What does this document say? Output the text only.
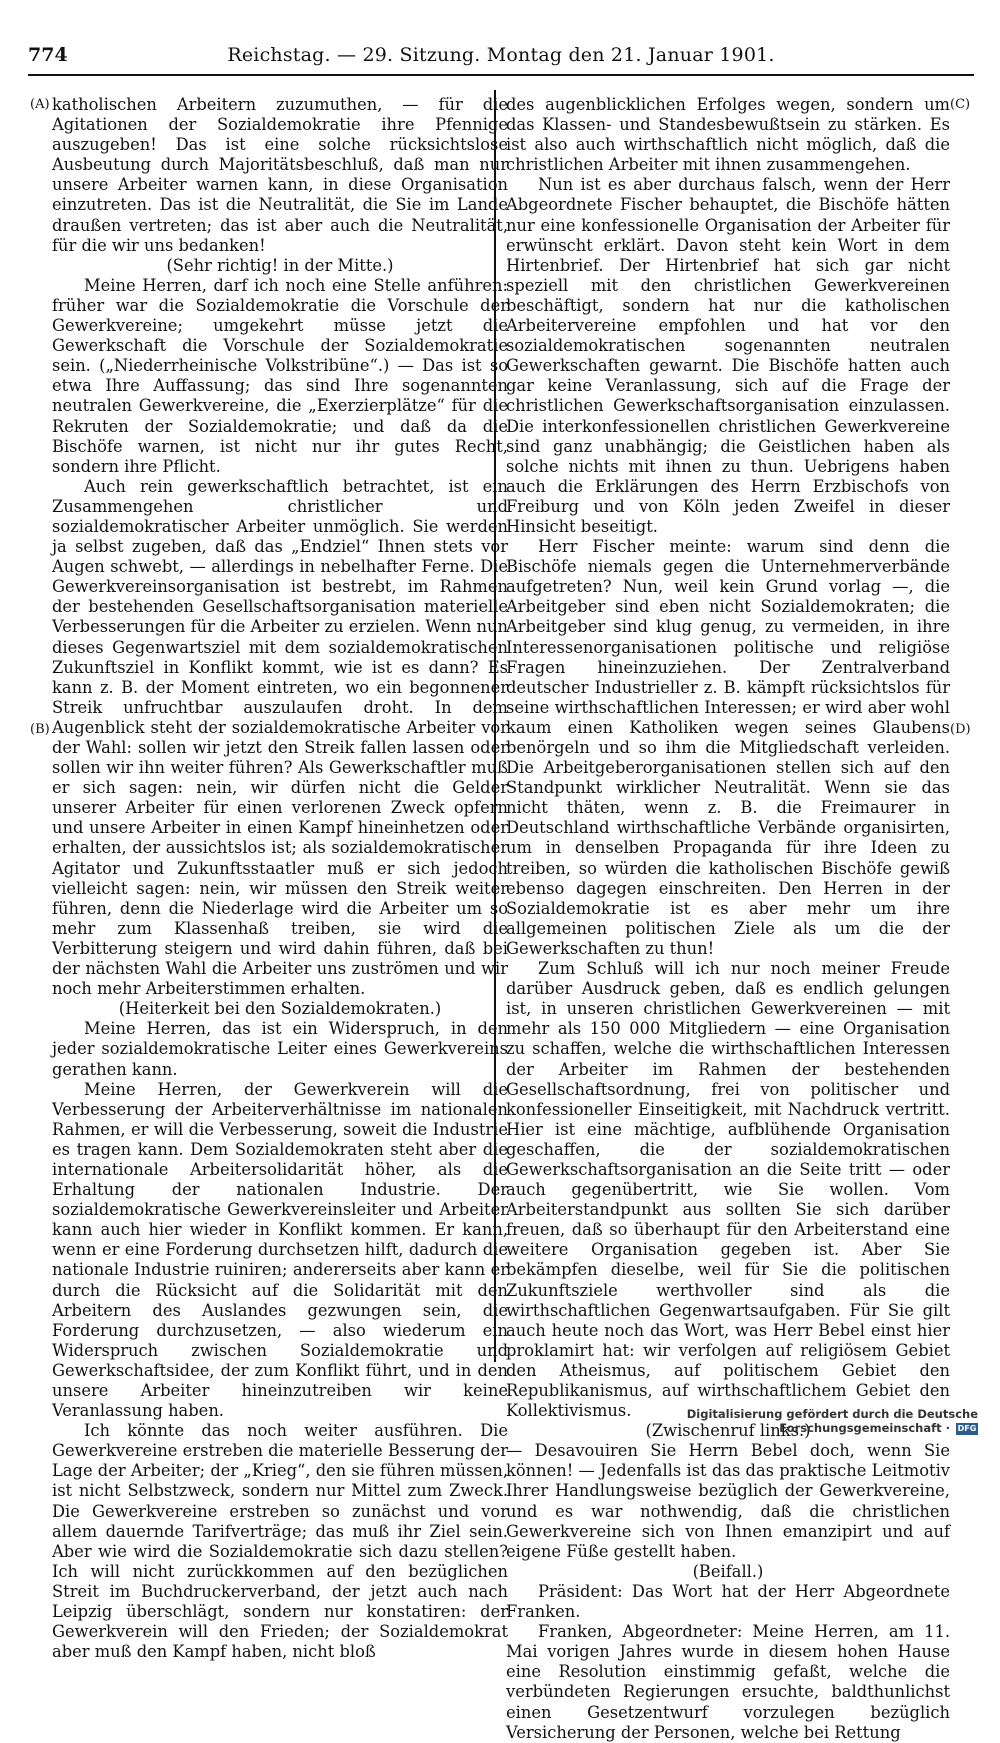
774	Reichstag. — 29. Sitzung. Montag den 21. Januar 1901.
(A)
(B)
(C)
(D)

katholischen Arbeitern zuzumuthen, — für die Agitationen der Sozialdemokratie ihre Pfennige auszugeben! Das ist eine solche rücksichtslose Ausbeutung durch Majoritätsbeschluß, daß man nur unsere Arbeiter warnen kann, in diese Organisation einzutreten. Das ist die Neutralität, die Sie im Lande draußen vertreten; das ist aber auch die Neutralität, für die wir uns bedanken!

(Sehr richtig! in der Mitte.)

Meine Herren, darf ich noch eine Stelle anführen: früher war die Sozialdemokratie die Vorschule der Gewerkvereine; umgekehrt müsse jetzt die Gewerkschaft die Vorschule der Sozialdemokratie sein. („Niederrheinische Volkstribüne“.) — Das ist so etwa Ihre Auffassung; das sind Ihre sogenannten neutralen Gewerkvereine, die „Exerzierplätze“ für die Rekruten der Sozialdemokratie; und daß da die Bischöfe warnen, ist nicht nur ihr gutes Recht, sondern ihre Pflicht.

Auch rein gewerkschaftlich betrachtet, ist ein Zusammengehen christlicher und sozialdemokratischer Arbeiter unmöglich. Sie werden ja selbst zugeben, daß das „Endziel“ Ihnen stets vor Augen schwebt, — allerdings in nebelhafter Ferne. Die Gewerkvereinsorganisation ist bestrebt, im Rahmen der bestehenden Gesellschaftsorganisation materielle Verbesserungen für die Arbeiter zu erzielen. Wenn nun dieses Gegenwartsziel mit dem sozialdemokratischen Zukunftsziel in Konflikt kommt, wie ist es dann? Es kann z. B. der Moment eintreten, wo ein begonnener Streik unfruchtbar auszulaufen droht. In dem Augenblick steht der sozialdemokratische Arbeiter vor der Wahl: sollen wir jetzt den Streik fallen lassen oder sollen wir ihn weiter führen? Als Gewerkschaftler muß er sich sagen: nein, wir dürfen nicht die Gelder unserer Arbeiter für einen verlorenen Zweck opfern und unsere Arbeiter in einen Kampf hineinhetzen oder erhalten, der aussichtslos ist; als sozialdemokratischer Agitator und Zukunftsstaatler muß er sich jedoch vielleicht sagen: nein, wir müssen den Streik weiter führen, denn die Niederlage wird die Arbeiter um so mehr zum Klassenhaß treiben, sie wird die Verbitterung steigern und wird dahin führen, daß bei der nächsten Wahl die Arbeiter uns zuströmen und wir noch mehr Arbeiterstimmen erhalten.

(Heiterkeit bei den Sozialdemokraten.)

Meine Herren, das ist ein Widerspruch, in den jeder sozialdemokratische Leiter eines Gewerkvereins gerathen kann.

Meine Herren, der Gewerkverein will die Verbesserung der Arbeiterverhältnisse im nationalen Rahmen, er will die Verbesserung, soweit die Industrie es tragen kann. Dem Sozialdemokraten steht aber die internationale Arbeitersolidarität höher, als die Erhaltung der nationalen Industrie. Der sozialdemokratische Gewerkvereinsleiter und Arbeiter kann auch hier wieder in Konflikt kommen. Er kann, wenn er eine Forderung durchsetzen hilft, dadurch die nationale Industrie ruiniren; andererseits aber kann er durch die Rücksicht auf die Solidarität mit den Arbeitern des Auslandes gezwungen sein, die Forderung durchzusetzen, — also wiederum ein Widerspruch zwischen Sozialdemokratie und Gewerkschaftsidee, der zum Konflikt führt, und in den unsere Arbeiter hineinzutreiben wir keine Veranlassung haben.

Ich könnte das noch weiter ausführen. Die Gewerkvereine erstreben die materielle Besserung der Lage der Arbeiter; der „Krieg“, den sie führen müssen, ist nicht Selbstzweck, sondern nur Mittel zum Zweck. Die Gewerkvereine erstreben so zunächst und vor allem dauernde Tarifverträge; das muß ihr Ziel sein. Aber wie wird die Sozialdemokratie sich dazu stellen? Ich will nicht zurückkommen auf den bezüglichen Streit im Buchdruckerverband, der jetzt auch nach Leipzig überschlägt, sondern nur konstatiren: der Gewerkverein will den Frieden; der Sozialdemokrat aber muß den Kampf haben, nicht bloß

des augenblicklichen Erfolges wegen, sondern um das Klassen- und Standesbewußtsein zu stärken. Es ist also auch wirthschaftlich nicht möglich, daß die christlichen Arbeiter mit ihnen zusammengehen.

Nun ist es aber durchaus falsch, wenn der Herr Abgeordnete Fischer behauptet, die Bischöfe hätten nur eine konfessionelle Organisation der Arbeiter für erwünscht erklärt. Davon steht kein Wort in dem Hirtenbrief. Der Hirtenbrief hat sich gar nicht speziell mit den christlichen Gewerkvereinen beschäftigt, sondern hat nur die katholischen Arbeitervereine empfohlen und hat vor den sozialdemokratischen sogenannten neutralen Gewerkschaften gewarnt. Die Bischöfe hatten auch gar keine Veranlassung, sich auf die Frage der christlichen Gewerkschaftsorganisation einzulassen. Die interkonfessionellen christlichen Gewerkvereine sind ganz unabhängig; die Geistlichen haben als solche nichts mit ihnen zu thun. Uebrigens haben auch die Erklärungen des Herrn Erzbischofs von Freiburg und von Köln jeden Zweifel in dieser Hinsicht beseitigt.

Herr Fischer meinte: warum sind denn die Bischöfe niemals gegen die Unternehmerverbände aufgetreten? Nun, weil kein Grund vorlag —, die Arbeitgeber sind eben nicht Sozialdemokraten; die Arbeitgeber sind klug genug, zu vermeiden, in ihre Interessenorganisationen politische und religiöse Fragen hineinzuziehen. Der Zentralverband deutscher Industrieller z. B. kämpft rücksichtslos für seine wirthschaftlichen Interessen; er wird aber wohl kaum einen Katholiken wegen seines Glaubens benörgeln und so ihm die Mitgliedschaft verleiden. Die Arbeitgeberorganisationen stellen sich auf den Standpunkt wirklicher Neutralität. Wenn sie das nicht thäten, wenn z. B. die Freimaurer in Deutschland wirthschaftliche Verbände organisirten, um in denselben Propaganda für ihre Ideen zu treiben, so würden die katholischen Bischöfe gewiß ebenso dagegen einschreiten. Den Herren in der Sozialdemokratie ist es aber mehr um ihre allgemeinen politischen Ziele als um die der Gewerkschaften zu thun!

Zum Schluß will ich nur noch meiner Freude darüber Ausdruck geben, daß es endlich gelungen ist, in unseren christlichen Gewerkvereinen — mit mehr als 150 000 Mitgliedern — eine Organisation zu schaffen, welche die wirthschaftlichen Interessen der Arbeiter im Rahmen der bestehenden Gesellschaftsordnung, frei von politischer und konfessioneller Einseitigkeit, mit Nachdruck vertritt. Hier ist eine mächtige, aufblühende Organisation geschaffen, die der sozialdemokratischen Gewerkschaftsorganisation an die Seite tritt — oder auch gegenübertritt, wie Sie wollen. Vom Arbeiterstandpunkt aus sollten Sie sich darüber freuen, daß so überhaupt für den Arbeiterstand eine weitere Organisation gegeben ist. Aber Sie bekämpfen dieselbe, weil für Sie die politischen Zukunftsziele werthvoller sind als die wirthschaftlichen Gegenwartsaufgaben. Für Sie gilt auch heute noch das Wort, was Herr Bebel einst hier proklamirt hat: wir verfolgen auf religiösem Gebiet den Atheismus, auf politischem Gebiet den Republikanismus, auf wirthschaftlichem Gebiet den Kollektivismus.

(Zwischenruf links.)

— Desavouiren Sie Herrn Bebel doch, wenn Sie können! — Jedenfalls ist das das praktische Leitmotiv Ihrer Handlungsweise bezüglich der Gewerkvereine, und es war nothwendig, daß die christlichen Gewerkvereine sich von Ihnen emanzipirt und auf eigene Füße gestellt haben.

(Beifall.)

Präsident: Das Wort hat der Herr Abgeordnete Franken.

Franken, Abgeordneter: Meine Herren, am 11. Mai vorigen Jahres wurde in diesem hohen Hause eine Resolution einstimmig gefaßt, welche die verbündeten Regierungen ersuchte, baldthunlichst einen Gesetzentwurf vorzulegen bezüglich Versicherung der Personen, welche bei Rettung

Digitalisierung gefördert durch die Deutsche Forschungsgemeinschaft · DFG
